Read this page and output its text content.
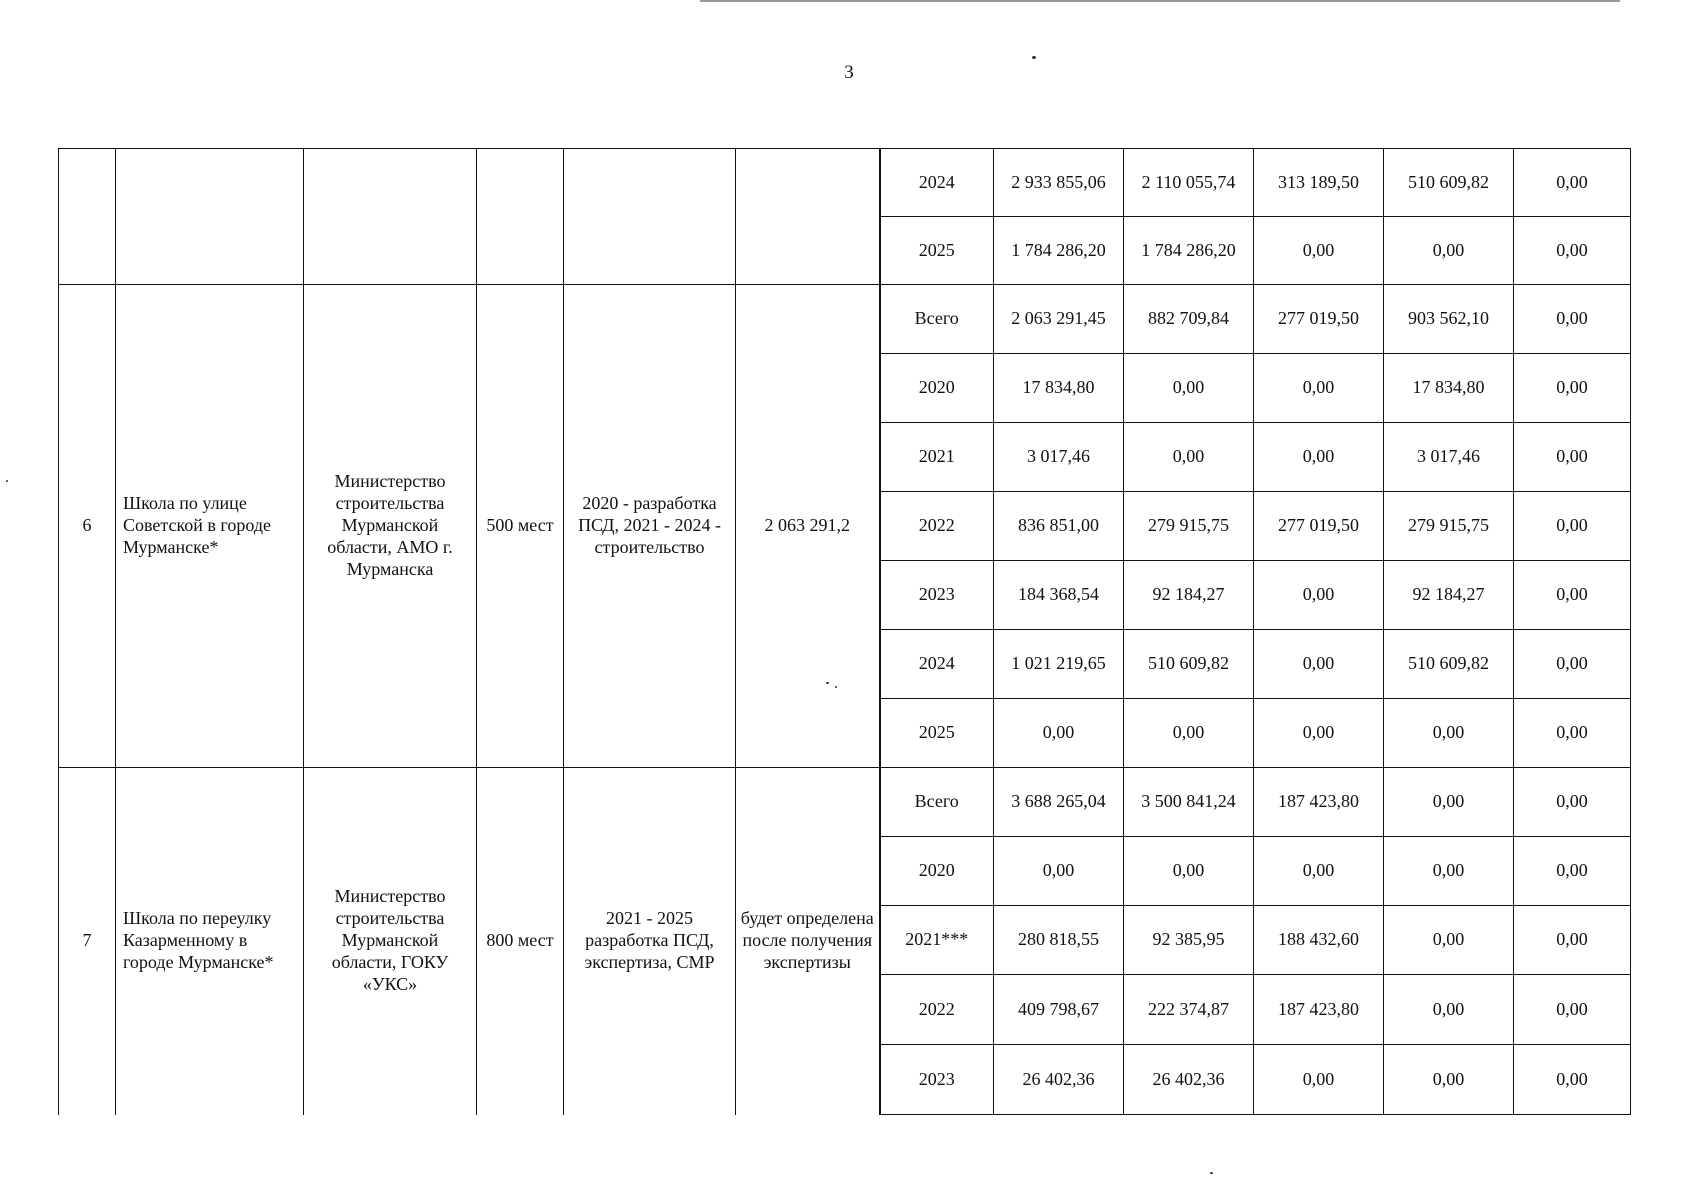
3
						2024	2 933 855,06	2 110 055,74	313 189,50	510 609,82	0,00
						2025	1 784 286,20	1 784 286,20	0,00	0,00	0,00
6	Школа по улице Советской в городе Мурманске*	Министерство строительства Мурманской области, АМО г. Мурманска	500 мест	2020 - разработка ПСД, 2021 - 2024 - строительство	2 063 291,2	Всего	2 063 291,45	882 709,84	277 019,50	903 562,10	0,00
						2020	17 834,80	0,00	0,00	17 834,80	0,00
						2021	3 017,46	0,00	0,00	3 017,46	0,00
						2022	836 851,00	279 915,75	277 019,50	279 915,75	0,00
						2023	184 368,54	92 184,27	0,00	92 184,27	0,00
						2024	1 021 219,65	510 609,82	0,00	510 609,82	0,00
						2025	0,00	0,00	0,00	0,00	0,00
7	Школа по переулку Казарменному в городе Мурманске*	Министерство строительства Мурманской области, ГОКУ «УКС»	800 мест	2021 - 2025 разработка ПСД, экспертиза, СМР	будет определена после получения экспертизы	Всего	3 688 265,04	3 500 841,24	187 423,80	0,00	0,00
						2020	0,00	0,00	0,00	0,00	0,00
						2021***	280 818,55	92 385,95	188 432,60	0,00	0,00
						2022	409 798,67	222 374,87	187 423,80	0,00	0,00
						2023	26 402,36	26 402,36	0,00	0,00	0,00
